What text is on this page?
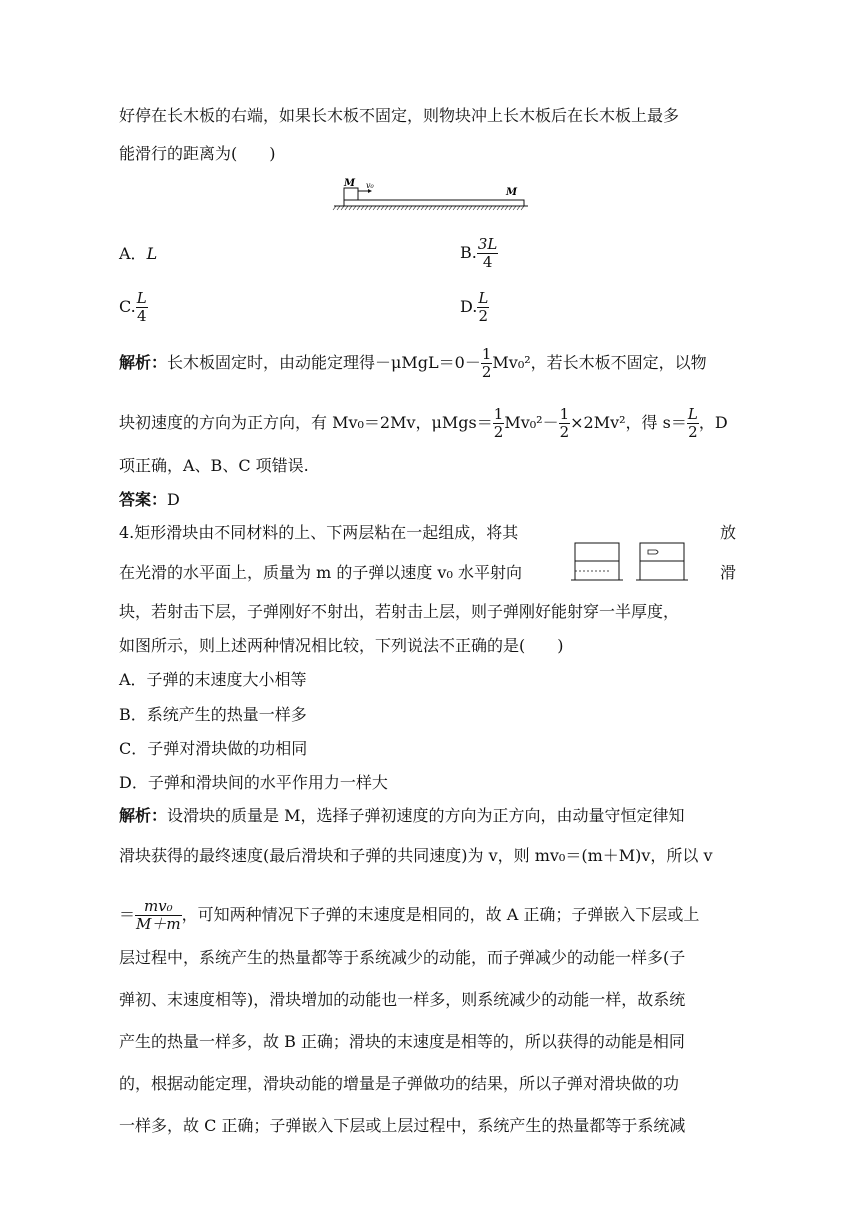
好停在长木板的右端，如果长木板不固定，则物块冲上长木板后在长木板上最多
能滑行的距离为(　　)
M v₀
M
A．L	B. $\frac{3L}{4}$
C. $\frac{L}{4}$	D. $\frac{L}{2}$
解析：长木板固定时，由动能定理得$-\mu MgL=0- \frac{1}{2} Mv_0^2$，若长木板不固定，以物
块初速度的方向为正方向，有 Mv₀＝2Mv，$\mu Mgs= \frac{1}{2} Mv_0^2- \frac{1}{2} \times 2Mv^2$，得 $s= \frac{L}{2}$ ，D
项正确，A、B、C 项错误.
答案：D
4.矩形滑块由不同材料的上、下两层粘在一起组成，将其	放
在光滑的水平面上，质量为 m 的子弹以速度 v₀ 水平射向	滑
块，若射击下层，子弹刚好不射出，若射击上层，则子弹刚好能射穿一半厚度，
如图所示，则上述两种情况相比较，下列说法不正确的是(　　)
A．子弹的末速度大小相等
B．系统产生的热量一样多
C．子弹对滑块做的功相同
D．子弹和滑块间的水平作用力一样大
解析：设滑块的质量是 M，选择子弹初速度的方向为正方向，由动量守恒定律知
滑块获得的最终速度(最后滑块和子弹的共同速度)为 v，则 mv₀＝(m＋M)v，所以 v
＝ $\frac{\text{mv₀}}{M+m}$ ，可知两种情况下子弹的末速度是相同的，故 A 正确；子弹嵌入下层或上
层过程中，系统产生的热量都等于系统减少的动能，而子弹减少的动能一样多(子
弹初、末速度相等)，滑块增加的动能也一样多，则系统减少的动能一样，故系统
产生的热量一样多，故 B 正确；滑块的末速度是相等的，所以获得的动能是相同
的，根据动能定理，滑块动能的增量是子弹做功的结果，所以子弹对滑块做的功
一样多，故 C 正确；子弹嵌入下层或上层过程中，系统产生的热量都等于系统减
